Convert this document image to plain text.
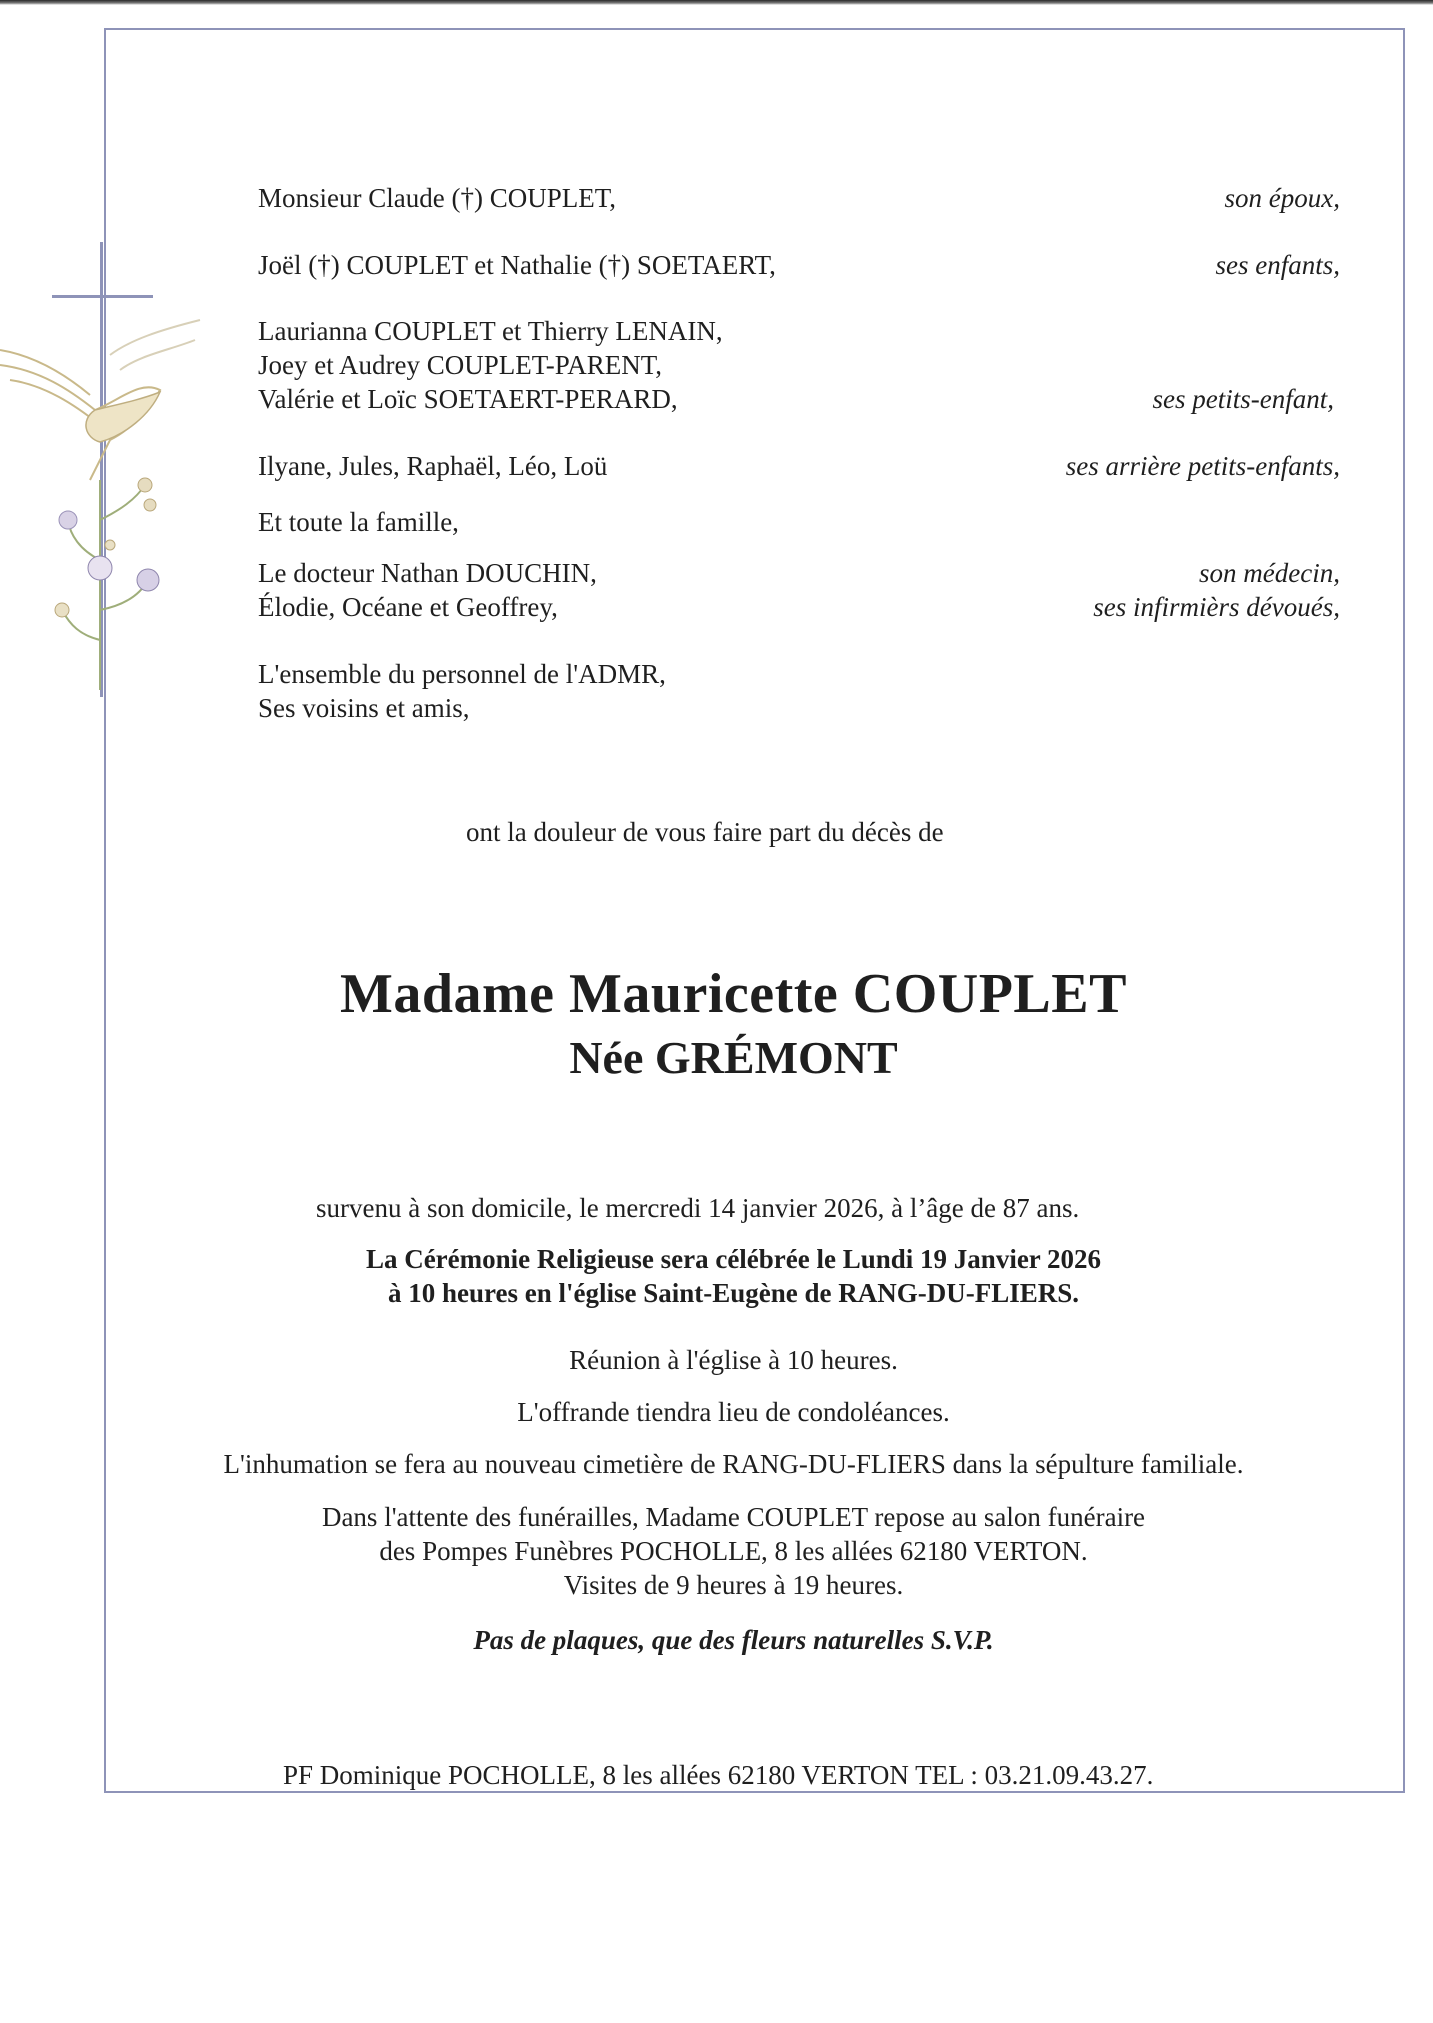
Monsieur Claude (†) COUPLET,	son époux,
Joël (†) COUPLET et Nathalie (†) SOETAERT,	ses enfants,
Laurianna COUPLET et Thierry LENAIN,
Joey et Audrey COUPLET-PARENT,
Valérie et Loïc SOETAERT-PERARD,	ses petits-enfant,
Ilyane, Jules, Raphaël, Léo, Loü	ses arrière petits-enfants,
Et toute la famille,
Le docteur Nathan DOUCHIN,	son médecin,
Élodie, Océane et Geoffrey,	ses infirmièrs dévoués,
L'ensemble du personnel de l'ADMR,
Ses voisins et amis,
ont la douleur de vous faire part du décès de
Madame Mauricette COUPLET
Née GRÉMONT
survenu à son domicile, le mercredi 14 janvier 2026, à l’âge de 87 ans.
La Cérémonie Religieuse sera célébrée le Lundi 19 Janvier 2026
à 10 heures en l'église Saint-Eugène de RANG-DU-FLIERS.
Réunion à l'église à 10 heures.
L'offrande tiendra lieu de condoléances.
L'inhumation se fera au nouveau cimetière de RANG-DU-FLIERS dans la sépulture familiale.
Dans l'attente des funérailles, Madame COUPLET repose au salon funéraire
des Pompes Funèbres POCHOLLE, 8 les allées 62180 VERTON.
Visites de 9 heures à 19 heures.
Pas de plaques, que des fleurs naturelles S.V.P.
PF Dominique POCHOLLE, 8 les allées 62180 VERTON TEL : 03.21.09.43.27.
